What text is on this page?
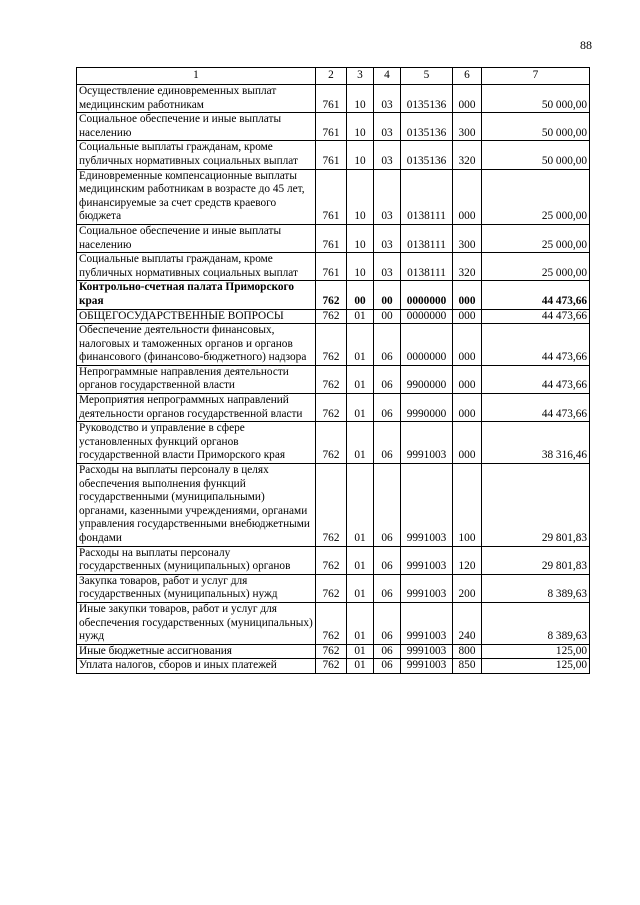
88
1	2	3	4	5	6	7
Осуществление единовременных выплат медицинским работникам	761	10	03	0135136	000	50 000,00
Социальное обеспечение и иные выплаты населению	761	10	03	0135136	300	50 000,00
Социальные выплаты гражданам, кроме публичных нормативных социальных выплат	761	10	03	0135136	320	50 000,00
Единовременные компенсационные выплаты медицинским работникам в возрасте до 45 лет, финансируемые за счет средств краевого бюджета	761	10	03	0138111	000	25 000,00
Социальное обеспечение и иные выплаты населению	761	10	03	0138111	300	25 000,00
Социальные выплаты гражданам, кроме публичных нормативных социальных выплат	761	10	03	0138111	320	25 000,00
Контрольно-счетная палата Приморского края	762	00	00	0000000	000	44 473,66
ОБЩЕГОСУДАРСТВЕННЫЕ ВОПРОСЫ	762	01	00	0000000	000	44 473,66
Обеспечение деятельности финансовых, налоговых и таможенных органов и органов финансового (финансово-бюджетного) надзора	762	01	06	0000000	000	44 473,66
Непрограммные направления деятельности органов государственной власти	762	01	06	9900000	000	44 473,66
Мероприятия непрограммных направлений деятельности органов государственной власти	762	01	06	9990000	000	44 473,66
Руководство и управление в сфере установленных функций органов государственной власти Приморского края	762	01	06	9991003	000	38 316,46
Расходы на выплаты персоналу в целях обеспечения выполнения функций государственными (муниципальными) органами, казенными учреждениями, органами управления государственными внебюджетными фондами	762	01	06	9991003	100	29 801,83
Расходы на выплаты персоналу государственных (муниципальных) органов	762	01	06	9991003	120	29 801,83
Закупка товаров, работ и услуг для государственных (муниципальных) нужд	762	01	06	9991003	200	8 389,63
Иные закупки товаров, работ и услуг для обеспечения государственных (муниципальных) нужд	762	01	06	9991003	240	8 389,63
Иные бюджетные ассигнования	762	01	06	9991003	800	125,00
Уплата налогов, сборов и иных платежей	762	01	06	9991003	850	125,00
